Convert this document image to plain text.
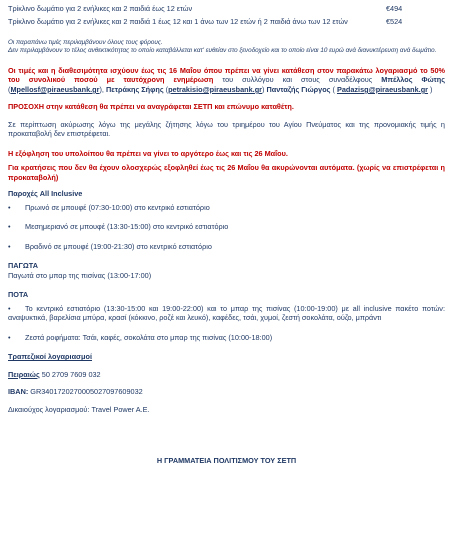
Τρίκλινο δωμάτιο για 2 ενήλικες και 2 παιδιά έως 12 ετών	€494
Τρίκλινο δωμάτιο για 2 ενήλικες και 2 παιδιά 1 έως 12 και 1 άνω των 12 ετών ή 2 παιδιά άνω των 12 ετών	€524
Οι παραπάνω τιμές περιλαμβάνουν όλους τους φόρους.
Δεν περιλαμβάνουν το τέλος ανθεκτικότητας το οποίο καταβάλλεται κατ' ευθείαν στο ξενοδοχείο και το οποίο είναι 10 ευρώ ανά διανυκτέρευση ανά δωμάτιο.
Οι τιμές και η διαθεσιμότητα ισχύουν έως τις 16 Μαΐου όπου πρέπει να γίνει κατάθεση στον παρακάτω λογαριασμό το 50% του συνολικού ποσού με ταυτόχρονη ενημέρωση του συλλόγου και στους συναδέλφους Μπέλλος Φώτης (Mpellosf@piraeusbank.gr), Πετράκης Σήφης (petrakisio@piraeusbank.gr) Πανταζής Γιώργος ( Padazisg@piraeusbank.gr )
ΠΡΟΣΟΧΗ στην κατάθεση θα πρέπει να αναγράφεται ΣΕΤΠ και επώνυμο καταθέτη.
Σε περίπτωση ακύρωσης λόγω της μεγάλης ζήτησης λόγω του τριημέρου του Αγίου Πνεύματος και της προνομιακής τιμής η προκαταβολή δεν επιστρέφεται.
Η εξόφληση του υπολοίπου θα πρέπει να γίνει το αργότερο έως και τις 26 Μαΐου.
Για κρατήσεις που δεν θα έχουν ολοσχερώς εξοφληθεί έως τις 26 Μαΐου θα ακυρώνονται αυτόματα. (χωρίς να επιστρέφεται η προκαταβολή)
Παροχές All Inclusive
• Πρωινό σε μπουφέ (07:30-10:00) στο κεντρικό εστιατόριο
• Μεσημεριανό σε μπουφέ (13:30-15:00) στο κεντρικό εστιατόριο
• Βραδινό σε μπουφέ (19:00-21:30) στο κεντρικό εστιατόριο
ΠΑΓΩΤΑ
Παγωτά στο μπαρ της πισίνας (13:00-17:00)
ΠΟΤΑ
• Το κεντρικό εστιατόριο (13:30-15:00 και 19:00-22:00) και το μπαρ της πισίνας (10:00-19:00) με all inclusive πακέτο ποτών: αναψυκτικά, βαρελίσια μπύρα, κρασί (κόκκινο, ροζέ και λευκό), καφέδες, τσάι, χυμοί, ζεστή σοκολάτα, ούζο, μπράντι
• Ζεστά ροφήματα: Τσάι, καφές, σοκολάτα στο μπαρ της πισίνας (10:00-18:00)
Τραπεζικοί λογαριασμοί
Πειραιώς 50 2709 7609 032
IBAN: GR3401720270005027097609032
Δικαιούχος λογαριασμού: Travel Power A.E.
Η ΓΡΑΜΜΑΤΕΙΑ ΠΟΛΙΤΙΣΜΟΥ ΤΟΥ ΣΕΤΠ
